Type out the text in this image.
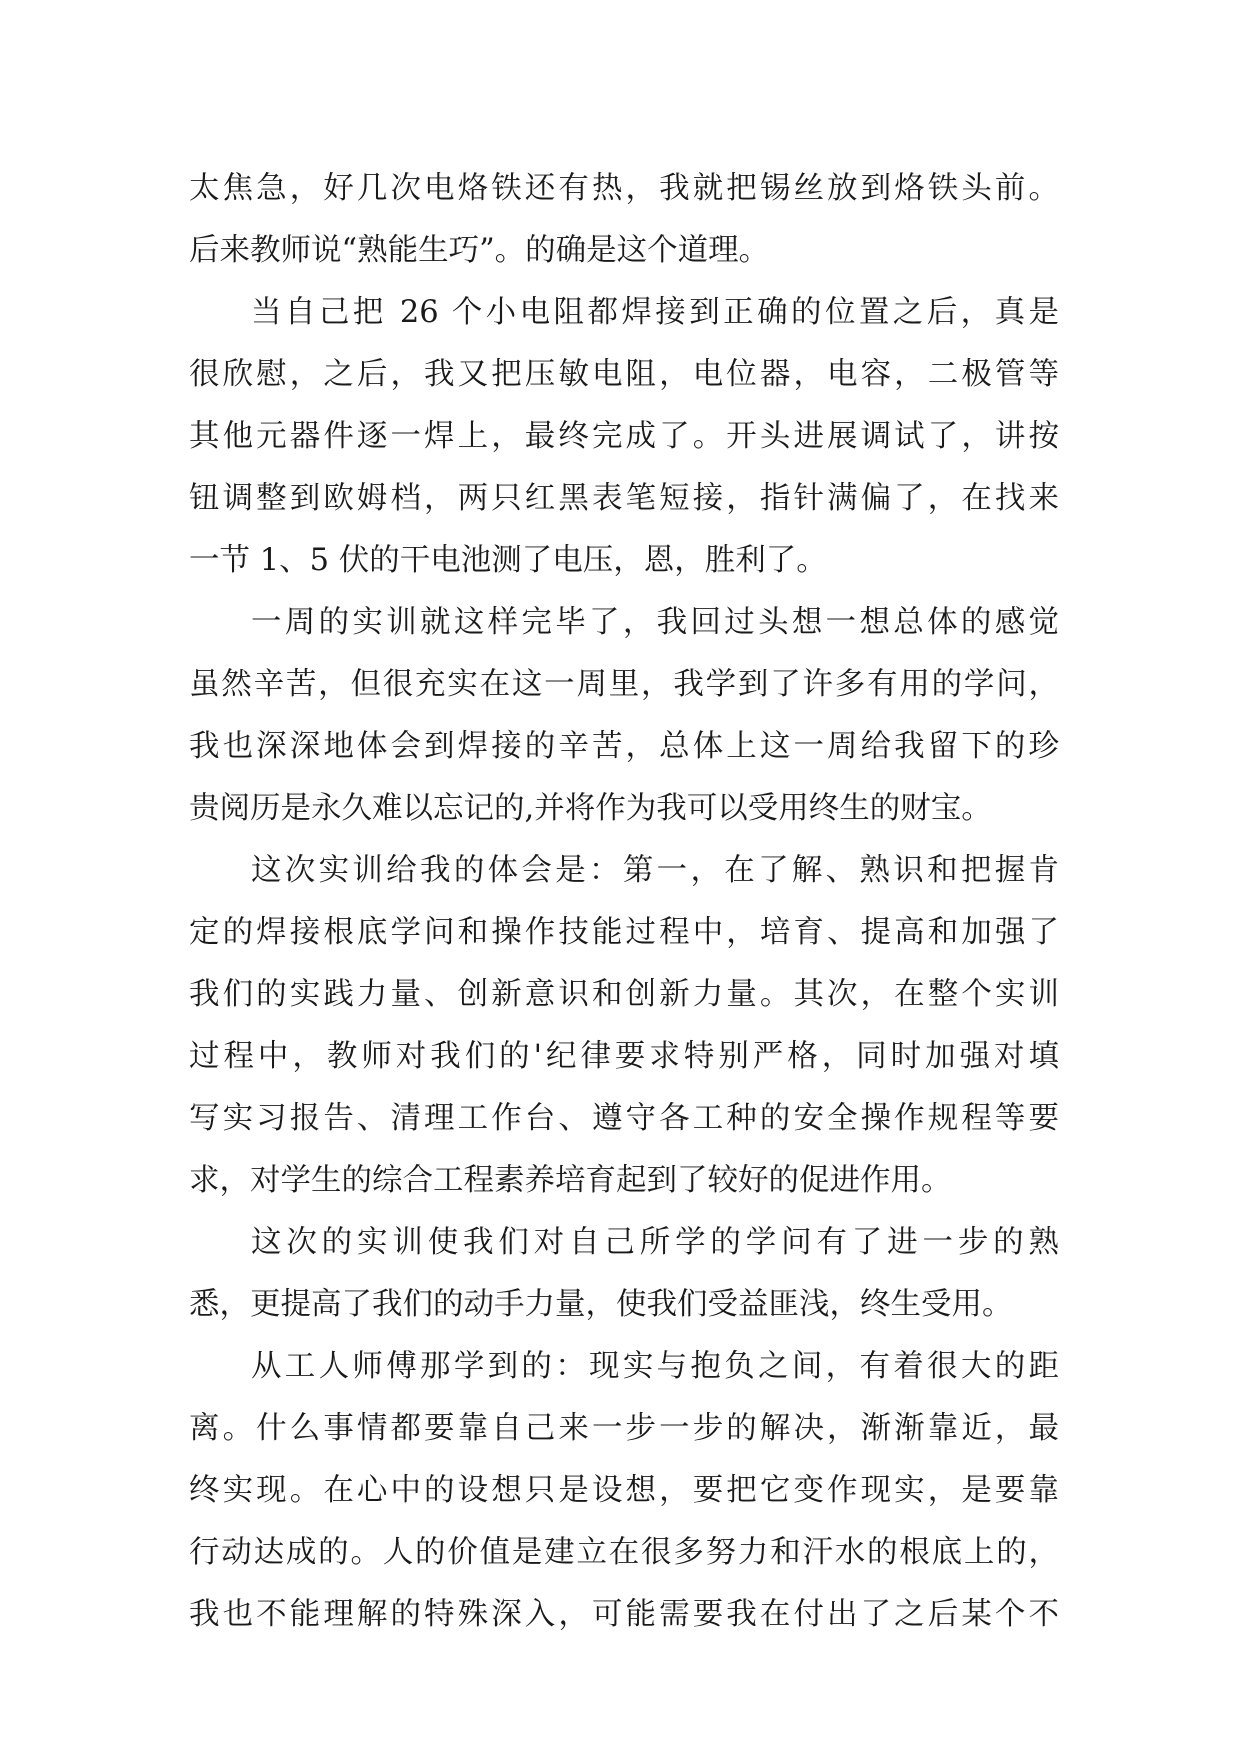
太焦急，好几次电烙铁还有热，我就把锡丝放到烙铁头前。
后来教师说“熟能生巧”。的确是这个道理。
当自己把 26 个小电阻都焊接到正确的位置之后，真是
很欣慰，之后，我又把压敏电阻，电位器，电容，二极管等
其他元器件逐一焊上，最终完成了。开头进展调试了，讲按
钮调整到欧姆档，两只红黑表笔短接，指针满偏了，在找来
一节 1、5 伏的干电池测了电压，恩，胜利了。
一周的实训就这样完毕了，我回过头想一想总体的感觉
虽然辛苦，但很充实在这一周里，我学到了许多有用的学问，
我也深深地体会到焊接的辛苦，总体上这一周给我留下的珍
贵阅历是永久难以忘记的,并将作为我可以受用终生的财宝。
这次实训给我的体会是：第一，在了解、熟识和把握肯
定的焊接根底学问和操作技能过程中，培育、提高和加强了
我们的实践力量、创新意识和创新力量。其次，在整个实训
过程中，教师对我们的'纪律要求特别严格，同时加强对填
写实习报告、清理工作台、遵守各工种的安全操作规程等要
求，对学生的综合工程素养培育起到了较好的促进作用。
这次的实训使我们对自己所学的学问有了进一步的熟
悉，更提高了我们的动手力量，使我们受益匪浅，终生受用。
从工人师傅那学到的：现实与抱负之间，有着很大的距
离。什么事情都要靠自己来一步一步的解决，渐渐靠近，最
终实现。在心中的设想只是设想，要把它变作现实，是要靠
行动达成的。人的价值是建立在很多努力和汗水的根底上的，
我也不能理解的特殊深入，可能需要我在付出了之后某个不
